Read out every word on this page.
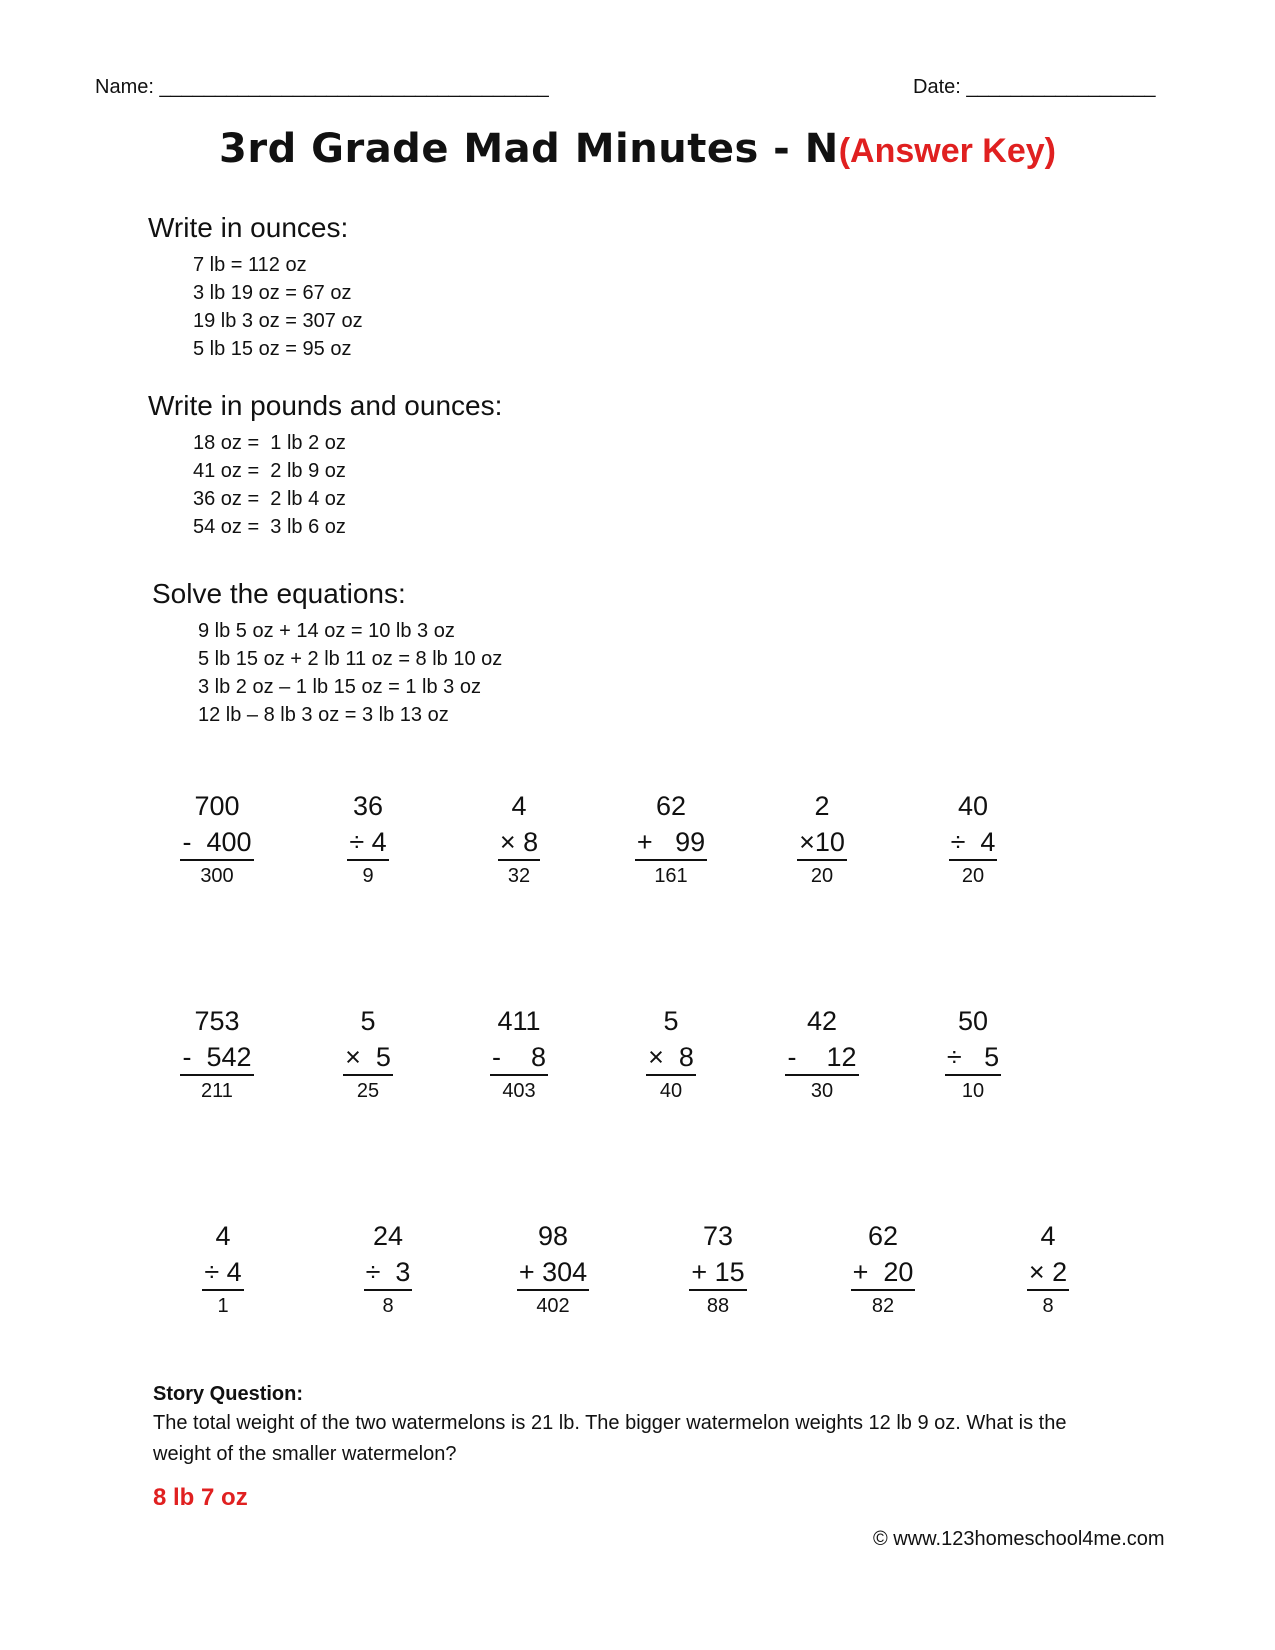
Name: ___________________________________	Date: _________________
3rd Grade Mad Minutes - N(Answer Key)
Write in ounces:
7 lb = 112 oz
3 lb 19 oz = 67 oz
19 lb 3 oz = 307 oz
5 lb 15 oz = 95 oz
Write in pounds and ounces:
18 oz =  1 lb 2 oz
41 oz =  2 lb 9 oz
36 oz =  2 lb 4 oz
54 oz =  3 lb 6 oz
Solve the equations:
9 lb 5 oz + 14 oz = 10 lb 3 oz
5 lb 15 oz + 2 lb 11 oz = 8 lb 10 oz
3 lb 2 oz – 1 lb 15 oz = 1 lb 3 oz
12 lb – 8 lb 3 oz = 3 lb 13 oz
700
-  400
300
36
÷ 4
9
4
× 8
32
62
+   99
161
2
×10
20
40
÷  4
20
753
-  542
211
5
×  5
25
411
-    8
403
5
×  8
40
42
-    12
30
50
÷   5
10
4
÷ 4
1
24
÷  3
8
98
+ 304
402
73
+ 15
88
62
+  20
82
4
× 2
8
Story Question:
The total weight of the two watermelons is 21 lb. The bigger watermelon weights 12 lb 9 oz. What is the weight of the smaller watermelon?
8 lb 7 oz
© www.123homeschool4me.com
